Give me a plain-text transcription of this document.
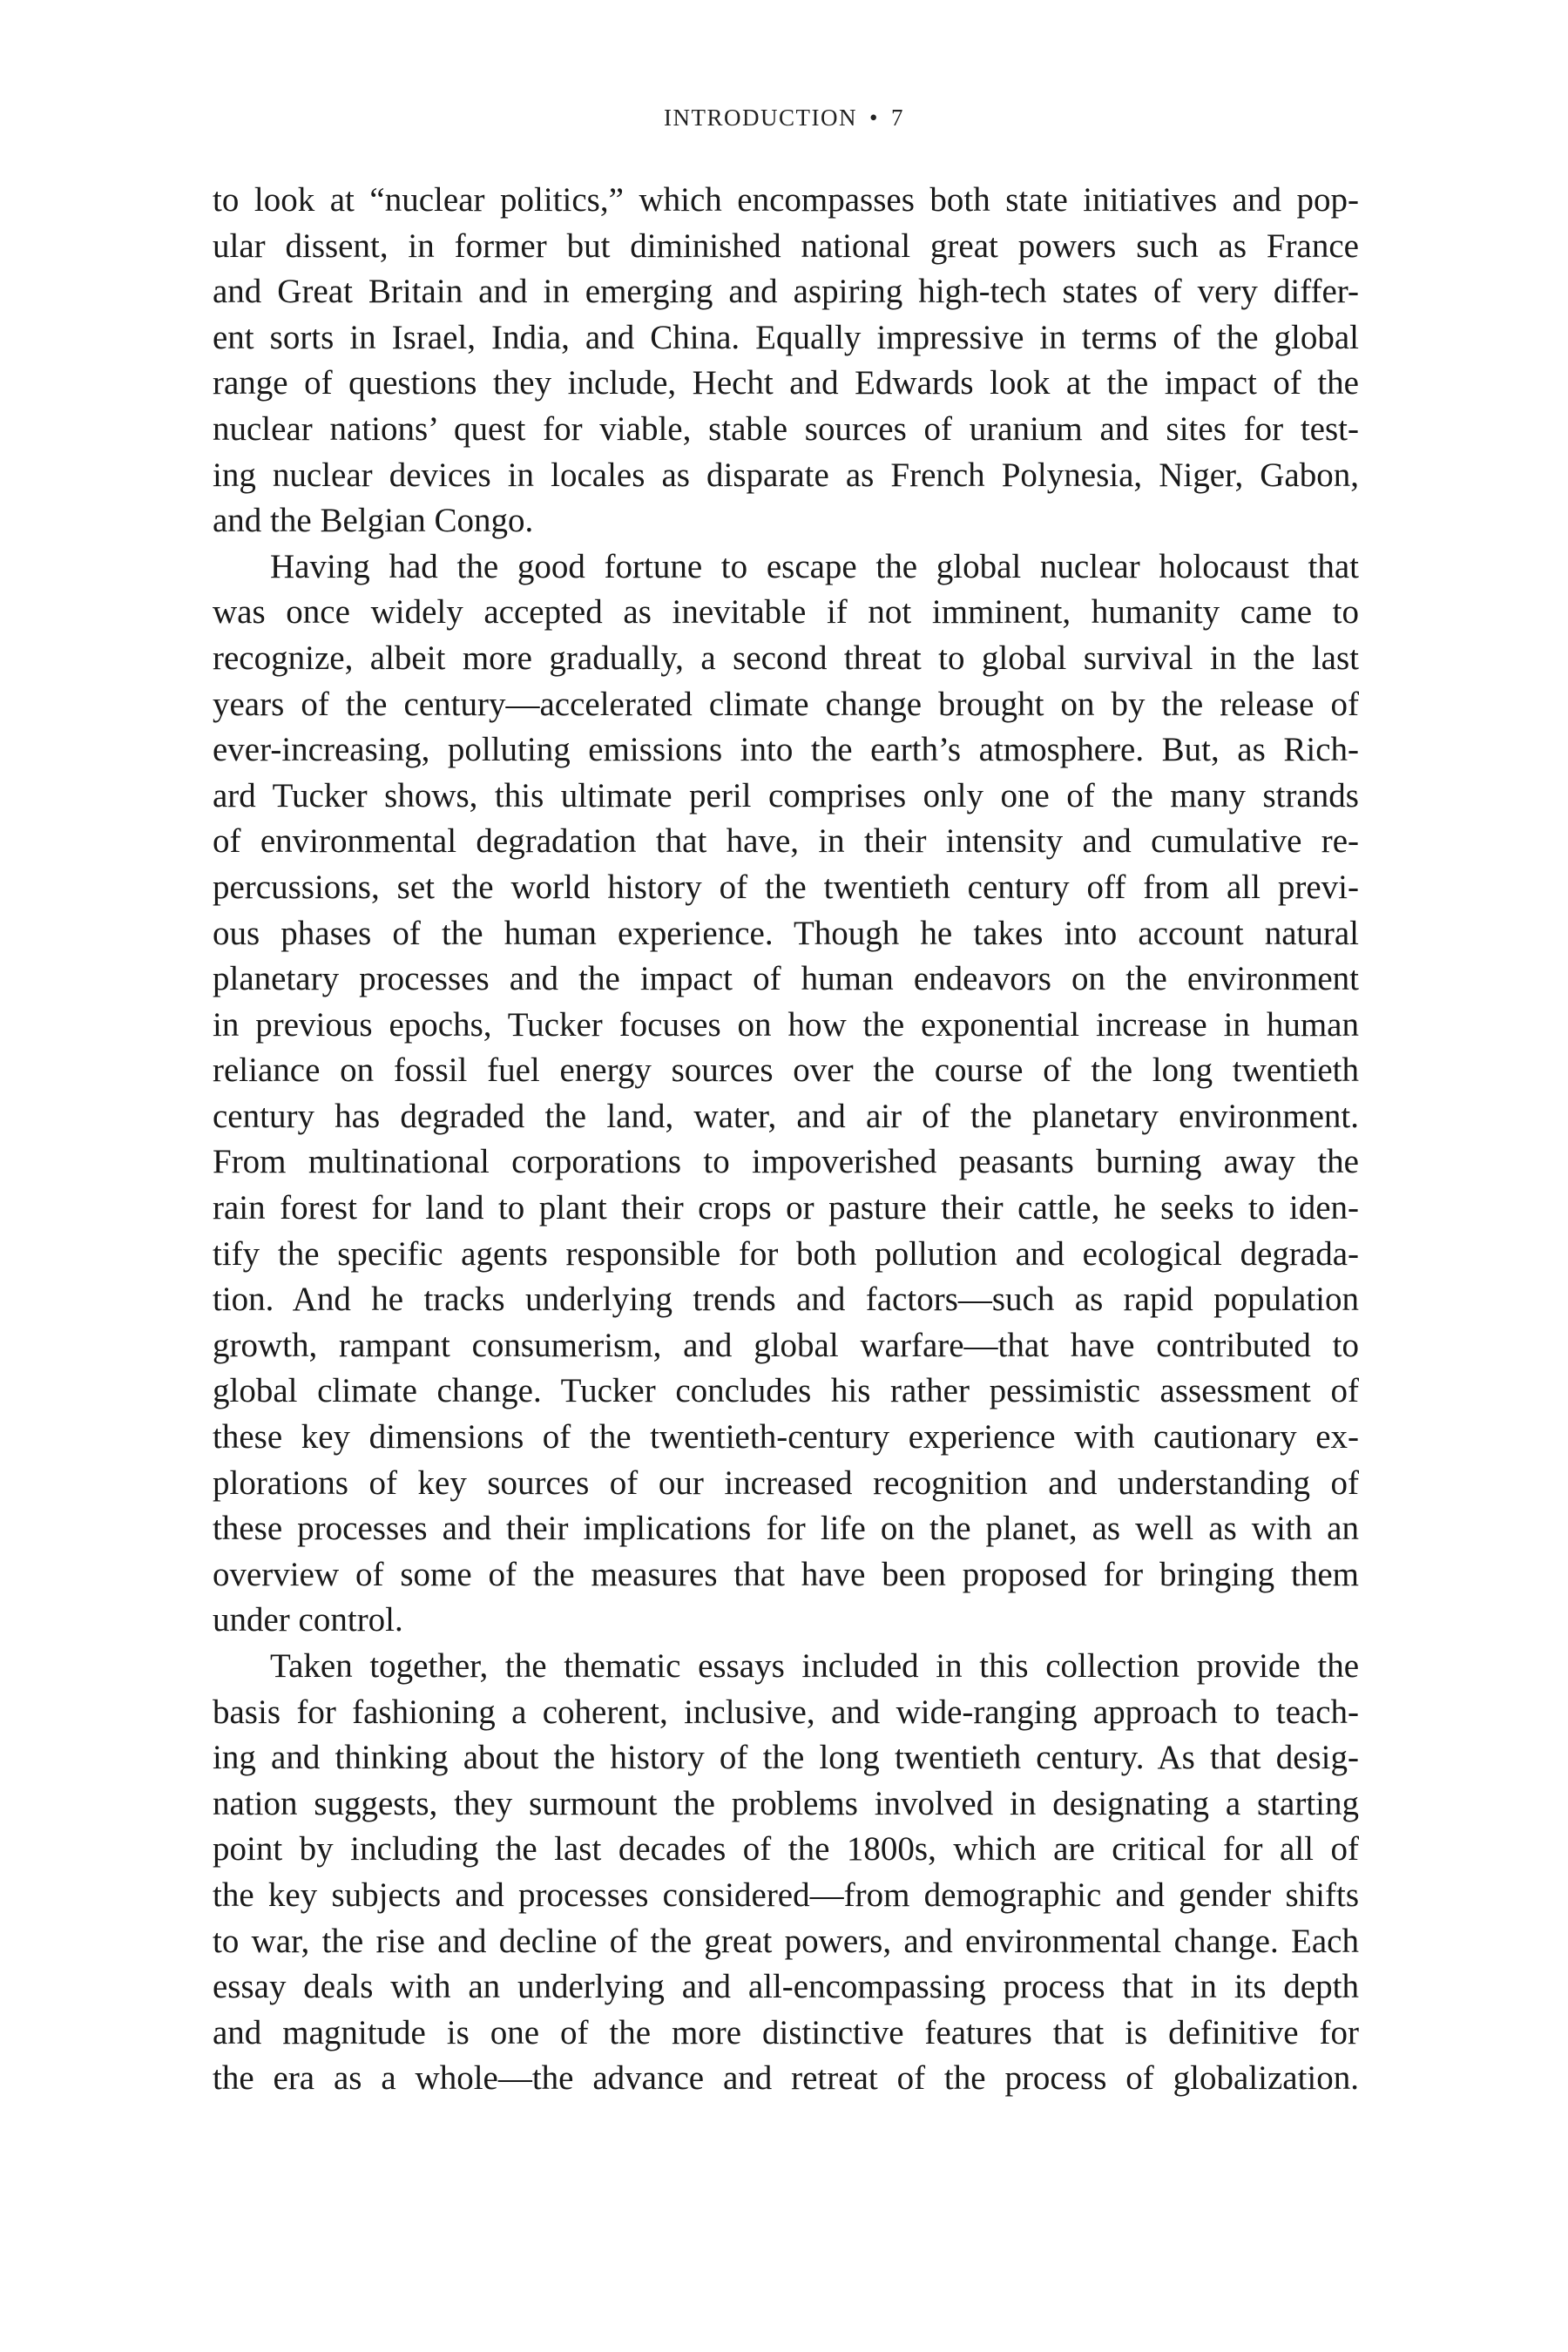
INTRODUCTION • 7
to look at “nuclear politics,” which encompasses both state initiatives and pop-
ular dissent, in former but diminished national great powers such as France
and Great Britain and in emerging and aspiring high-tech states of very differ-
ent sorts in Israel, India, and China. Equally impressive in terms of the global
range of questions they include, Hecht and Edwards look at the impact of the
nuclear nations’ quest for viable, stable sources of uranium and sites for test-
ing nuclear devices in locales as disparate as French Polynesia, Niger, Gabon,
and the Belgian Congo.
Having had the good fortune to escape the global nuclear holocaust that
was once widely accepted as inevitable if not imminent, humanity came to
recognize, albeit more gradually, a second threat to global survival in the last
years of the century—accelerated climate change brought on by the release of
ever-increasing, polluting emissions into the earth’s atmosphere. But, as Rich-
ard Tucker shows, this ultimate peril comprises only one of the many strands
of environmental degradation that have, in their intensity and cumulative re-
percussions, set the world history of the twentieth century off from all previ-
ous phases of the human experience. Though he takes into account natural
planetary processes and the impact of human endeavors on the environment
in previous epochs, Tucker focuses on how the exponential increase in human
reliance on fossil fuel energy sources over the course of the long twentieth
century has degraded the land, water, and air of the planetary environment.
From multinational corporations to impoverished peasants burning away the
rain forest for land to plant their crops or pasture their cattle, he seeks to iden-
tify the specific agents responsible for both pollution and ecological degrada-
tion. And he tracks underlying trends and factors—such as rapid population
growth, rampant consumerism, and global warfare—that have contributed to
global climate change. Tucker concludes his rather pessimistic assessment of
these key dimensions of the twentieth-century experience with cautionary ex-
plorations of key sources of our increased recognition and understanding of
these processes and their implications for life on the planet, as well as with an
overview of some of the measures that have been proposed for bringing them
under control.
Taken together, the thematic essays included in this collection provide the
basis for fashioning a coherent, inclusive, and wide-ranging approach to teach-
ing and thinking about the history of the long twentieth century. As that desig-
nation suggests, they surmount the problems involved in designating a starting
point by including the last decades of the 1800s, which are critical for all of
the key subjects and processes considered—from demographic and gender shifts
to war, the rise and decline of the great powers, and environmental change. Each
essay deals with an underlying and all-encompassing process that in its depth
and magnitude is one of the more distinctive features that is definitive for
the era as a whole—the advance and retreat of the process of globalization.
